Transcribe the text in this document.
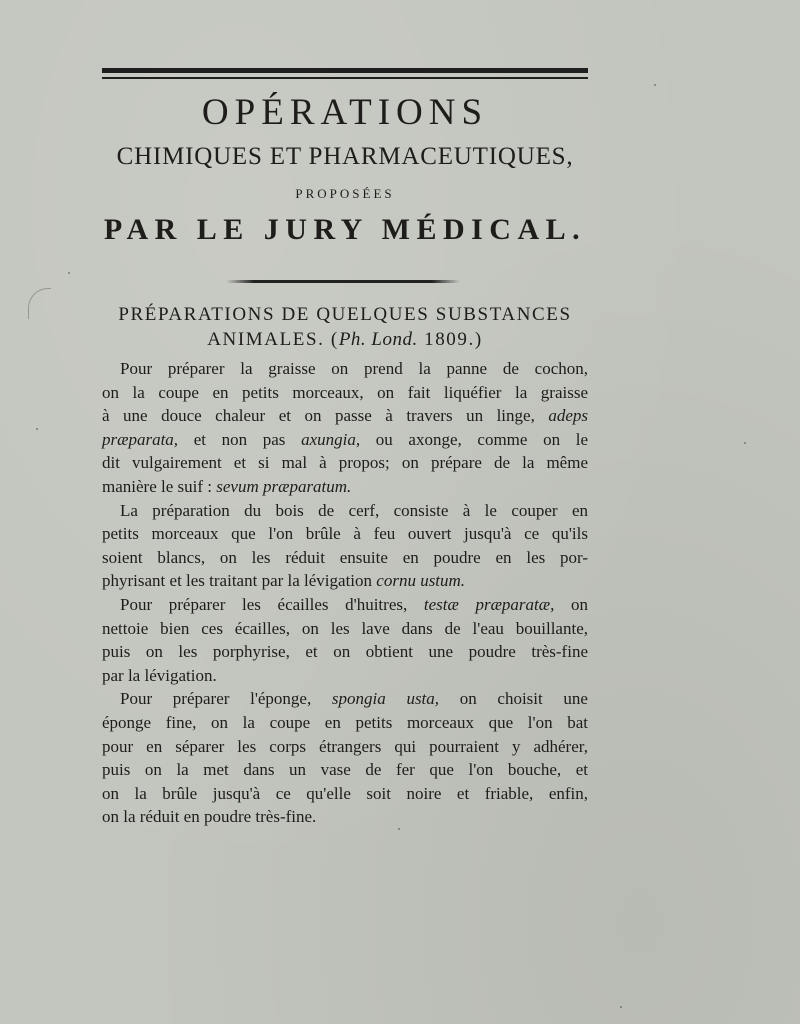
OPÉRATIONS

CHIMIQUES ET PHARMACEUTIQUES,

PROPOSÉES

PAR LE JURY MÉDICAL.

PRÉPARATIONS DE QUELQUES SUBSTANCES
ANIMALES. (Ph. Lond. 1809.)
Pour préparer la graisse on prend la panne de cochon,
on la coupe en petits morceaux, on fait liquéfier la graisse
à une douce chaleur et on passe à travers un linge, adeps
præparata, et non pas axungia, ou axonge, comme on le
dit vulgairement et si mal à propos; on prépare de la même
manière le suif : sevum præparatum.
La préparation du bois de cerf, consiste à le couper en
petits morceaux que l'on brûle à feu ouvert jusqu'à ce qu'ils
soient blancs, on les réduit ensuite en poudre en les por-
phyrisant et les traitant par la lévigation cornu ustum.
Pour préparer les écailles d'huitres, testæ præparatæ, on
nettoie bien ces écailles, on les lave dans de l'eau bouillante,
puis on les porphyrise, et on obtient une poudre très-fine
par la lévigation.
Pour préparer l'éponge, spongia usta, on choisit une
éponge fine, on la coupe en petits morceaux que l'on bat
pour en séparer les corps étrangers qui pourraient y adhérer,
puis on la met dans un vase de fer que l'on bouche, et
on la brûle jusqu'à ce qu'elle soit noire et friable, enfin,
on la réduit en poudre très-fine.
